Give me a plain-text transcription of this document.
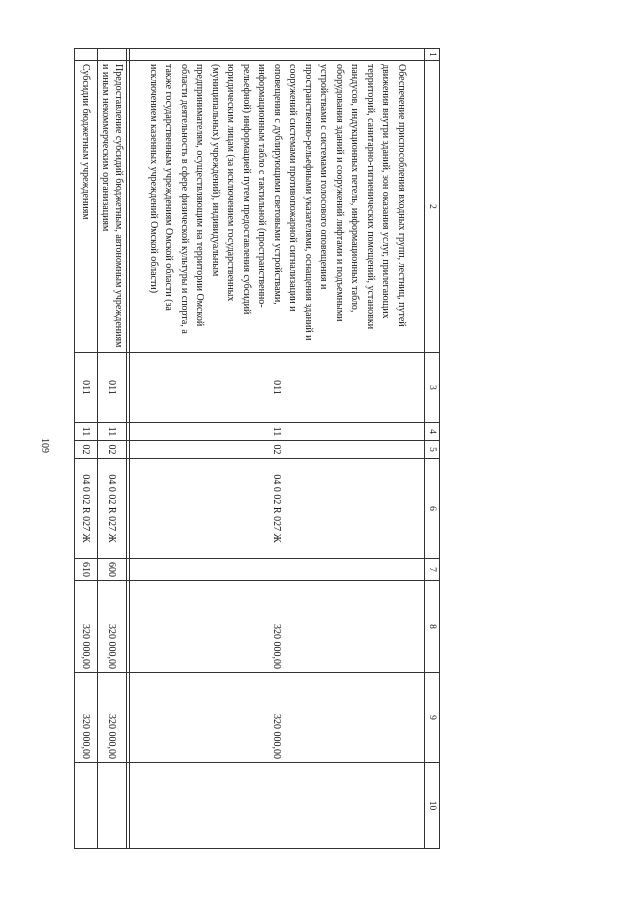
109
1	2	3	4	5	6	7	8	9	10
	Обеспечение приспособления входных групп, лестниц, путей движения внутри зданий, зон оказания услуг, прилегающих территорий, санитарно-гигиенических помещений, установки пандусов, индукционных петель, информационных табло, оборудования зданий и сооружений лифтами и подъемными устройствами с системами голосового оповещения и пространственно-рельефными указателями, оснащения зданий и сооружений системами противопожарной сигнализации и оповещения с дублирующими световыми устройствами, информационным табло с тактильной (пространственно-рельефной) информацией путем предоставления субсидий юридическим лицам (за исключением государственных (муниципальных) учреждений), индивидуальным предпринимателям, осуществляющим на территории Омской области деятельность в сфере физической культуры и спорта, а также государственным учреждениям Омской области (за исключением казенных учреждений Омской области)	011	11	02	04 0 02 R 027 Ж		320 000,00	320 000,00	

	Предоставление субсидий бюджетным, автономным учреждениям и иным некоммерческим организациям	011	11	02	04 0 02 R 027 Ж	600	320 000,00	320 000,00	
	Субсидии бюджетным учреждениям	011	11	02	04 0 02 R 027 Ж	610	320 000,00	320 000,00	
